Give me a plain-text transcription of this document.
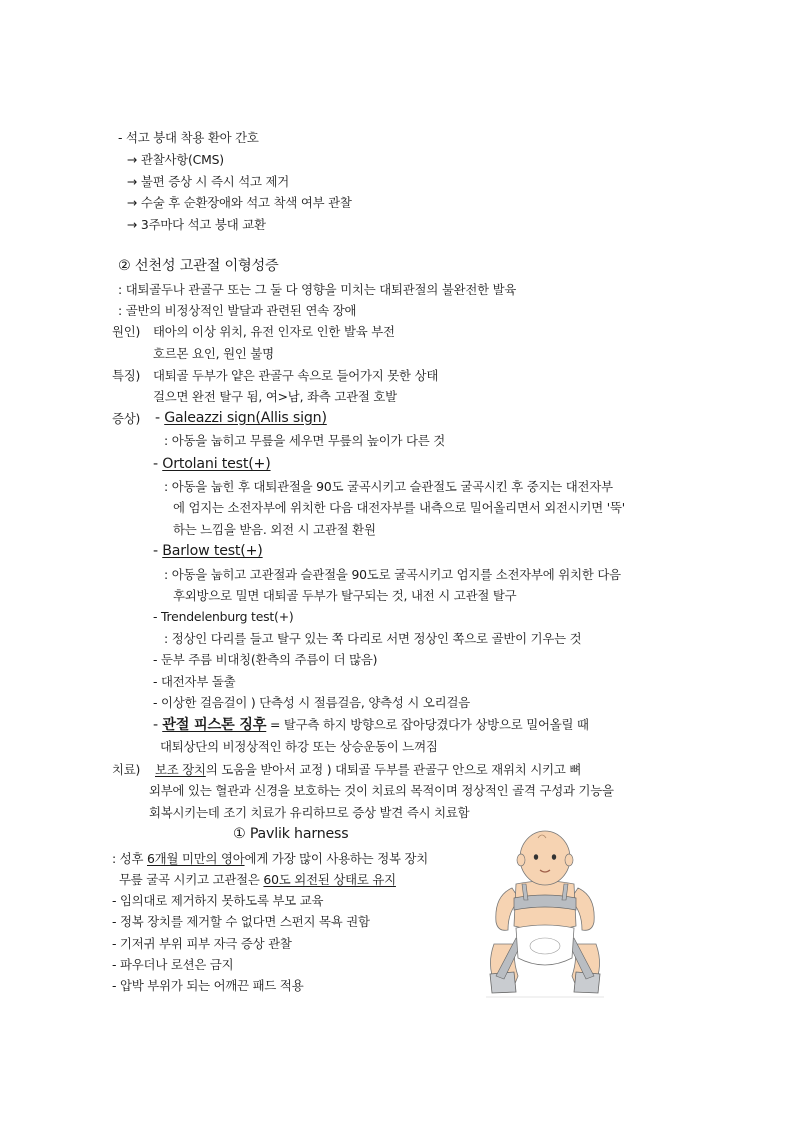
- 석고 붕대 착용 환아 간호
→ 관찰사항(CMS)
→ 불편 증상 시 즉시 석고 제거
→ 수술 후 순환장애와 석고 착색 여부 관찰
→ 3주마다 석고 붕대 교환
② 선천성 고관절 이형성증
: 대퇴골두나 관골구 또는 그 둘 다 영향을 미치는 대퇴관절의 불완전한 발육
: 골반의 비정상적인 발달과 관련된 연속 장애
원인) 태아의 이상 위치, 유전 인자로 인한 발육 부전
호르몬 요인, 원인 불명
특징) 대퇴골 두부가 얕은 관골구 속으로 들어가지 못한 상태
걸으면 완전 탈구 됨, 여>남, 좌측 고관절 호발
증상) - Galeazzi sign(Allis sign)
: 아동을 눕히고 무릎을 세우면 무릎의 높이가 다른 것
- Ortolani test(+)
: 아동을 눕힌 후 대퇴관절을 90도 굴곡시키고 슬관절도 굴곡시킨 후 중지는 대전자부
에 엄지는 소전자부에 위치한 다음 대전자부를 내측으로 밀어올리면서 외전시키면 '뚝'
하는 느낌을 받음. 외전 시 고관절 환원
- Barlow test(+)
: 아동을 눕히고 고관절과 슬관절을 90도로 굴곡시키고 엄지를 소전자부에 위치한 다음
후외방으로 밀면 대퇴골 두부가 탈구되는 것, 내전 시 고관절 탈구
- Trendelenburg test(+)
: 정상인 다리를 들고 탈구 있는 쪽 다리로 서면 정상인 쪽으로 골반이 기우는 것
- 둔부 주름 비대칭(환측의 주름이 더 많음)
- 대전자부 돌출
- 이상한 걸음걸이 ) 단측성 시 절름걸음, 양측성 시 오리걸음
- 관절 피스톤 징후 = 탈구측 하지 방향으로 잡아당겼다가 상방으로 밀어올릴 때
대퇴상단의 비정상적인 하강 또는 상승운동이 느껴짐
치료) 보조 장치의 도움을 받아서 교정 ) 대퇴골 두부를 관골구 안으로 재위치 시키고 뼈
외부에 있는 혈관과 신경을 보호하는 것이 치료의 목적이며 정상적인 골격 구성과 기능을
회복시키는데 조기 치료가 유리하므로 증상 발견 즉시 치료함
① Pavlik harness
: 성후 6개월 미만의 영아에게 가장 많이 사용하는 정복 장치
무릎 굴곡 시키고 고관절은 60도 외전된 상태로 유지
- 임의대로 제거하지 못하도록 부모 교육
- 정복 장치를 제거할 수 없다면 스펀지 목욕 권함
- 기저귀 부위 피부 자극 증상 관찰
- 파우더나 로션은 금지
- 압박 부위가 되는 어깨끈 패드 적용
